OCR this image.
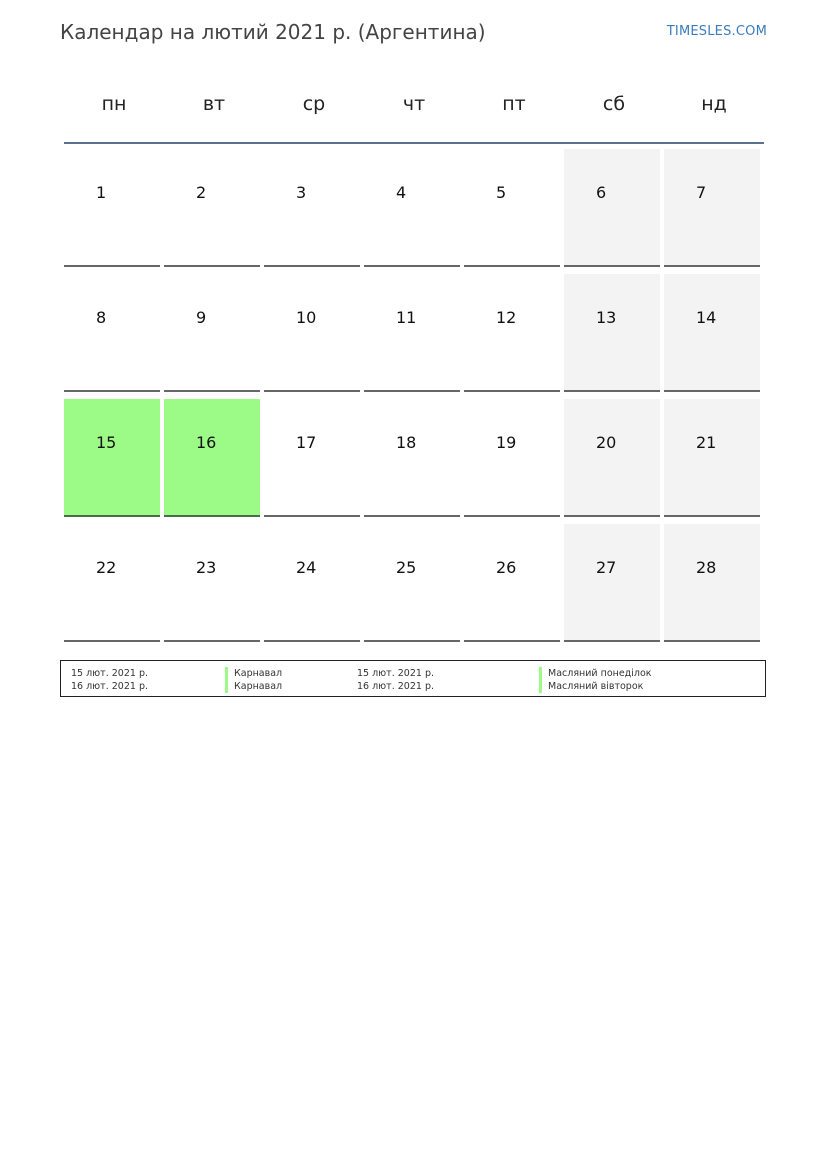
Календар на лютий 2021 р. (Аргентина)	TIMESLES.COM
пн	вт	ср	чт	пт	сб	нд
1	2	3	4	5	6	7
8	9	10	11	12	13	14
15	16	17	18	19	20	21
22	23	24	25	26	27	28
15 лют. 2021 р.	Карнавал	15 лют. 2021 р.	Масляний понеділок
16 лют. 2021 р.	Карнавал	16 лют. 2021 р.	Масляний вівторок
